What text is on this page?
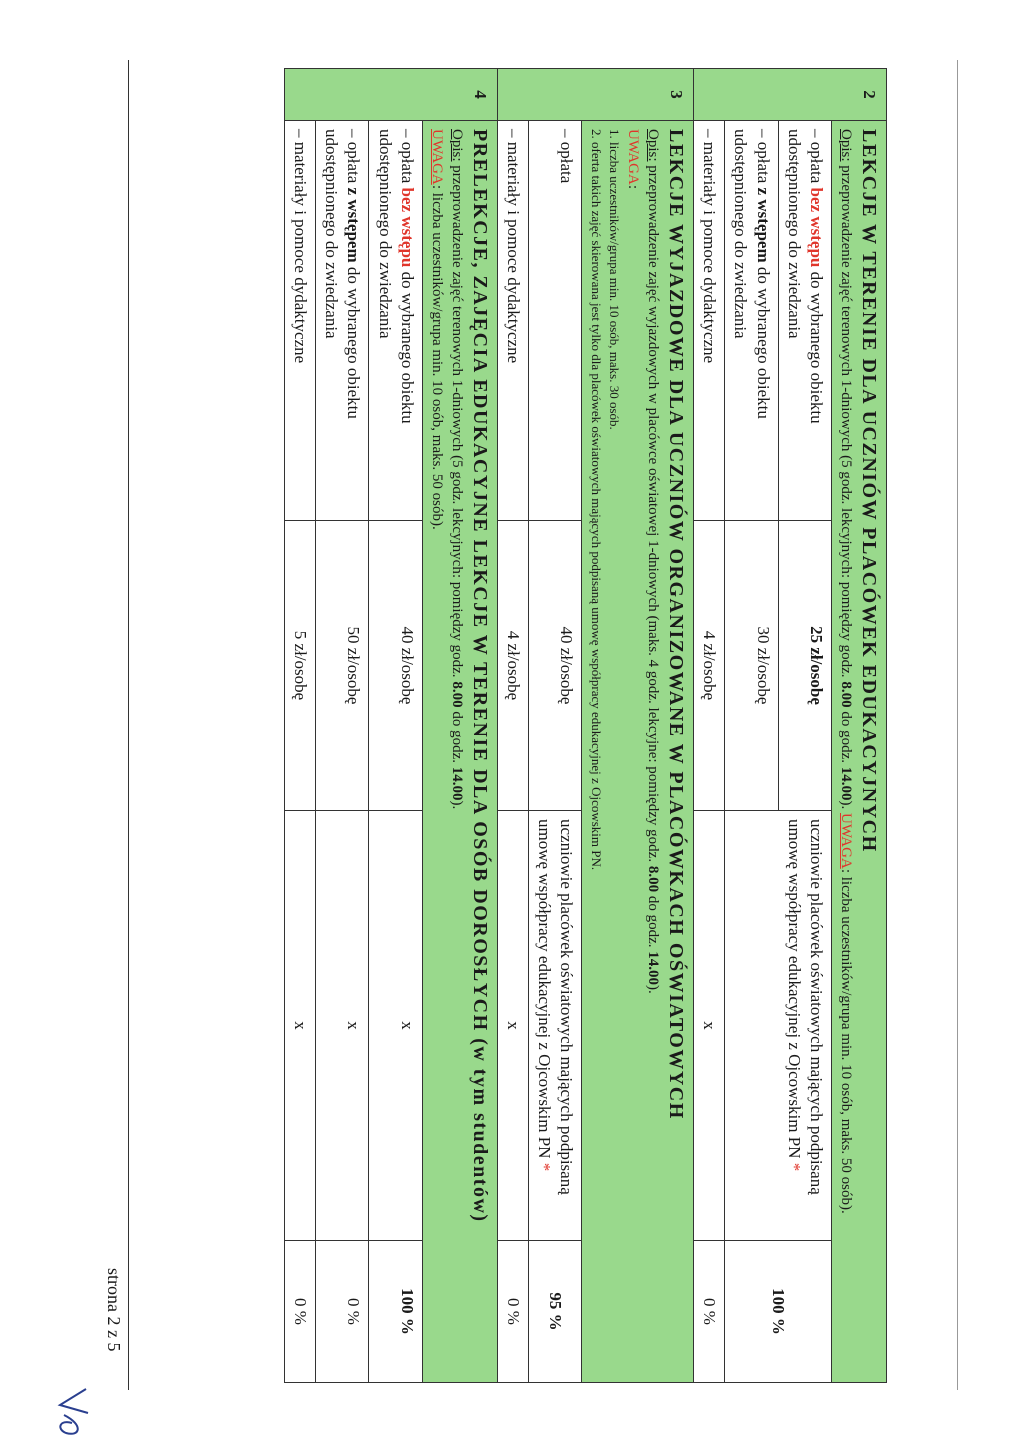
2	LEKCJE W TERENIE DLA UCZNIÓW PLACÓWEK EDUKACYJNYCH
Opis: przeprowadzenie zajęć terenowych 1-dniowych (5 godz. lekcyjnych: pomiędzy godz. 8.00 do godz. 14.00). UWAGA: liczba uczestników/grupa min. 10 osób, maks. 50 osób).			

	– opłata bez wstępu do wybranego obiektu udostępnionego do zwiedzania	25 zł/osobę	uczniowie placówek oświatowych mających podpisaną umowę współpracy edukacyjnej z Ojcowskim PN *	100 %
	– opłata z wstępem do wybranego obiektu udostępnionego do zwiedzania	30 zł/osobę		
	– materiały i pomoce dydaktyczne	4 zł/osobę	x	0 %
3	LEKCJE WYJAZDOWE DLA UCZNIÓW ORGANIZOWANE W PLACÓWKACH OŚWIATOWYCH
Opis: przeprowadzenie zajęć wyjazdowych w placówce oświatowej 1-dniowych (maks. 4 godz. lekcyjne: pomiędzy godz. 8.00 do godz. 14.00).
UWAGA:
1. liczba uczestników/grupa min. 10 osób, maks. 30 osób.
2. oferta takich zajęć skierowana jest tylko dla placówek oświatowych mających podpisaną umowę współpracy edukacyjnej z Ojcowskim PN.			

	– opłata	40 zł/osobę	uczniowie placówek oświatowych mających podpisaną umowę współpracy edukacyjnej z Ojcowskim PN *	95 %
	– materiały i pomoce dydaktyczne	4 zł/osobę	x	0 %
4	PRELEKCJE, ZAJĘCIA EDUKACYJNE LEKCJE W TERENIE DLA OSÓB DOROSŁYCH (w tym studentów)
Opis: przeprowadzenie zajęć terenowych 1-dniowych (5 godz. lekcyjnych: pomiędzy godz. 8.00 do godz. 14.00).
UWAGA: liczba uczestników/grupa min. 10 osób, maks. 50 osób).			

	– opłata bez wstępu do wybranego obiektu udostępnionego do zwiedzania	40 zł/osobę	x	100 %
	– opłata z wstępem do wybranego obiektu udostępnionego do zwiedzania	50 zł/osobę	x	0 %
	– materiały i pomoce dydaktyczne	5 zł/osobę	x	0 %
strona 2 z 5
